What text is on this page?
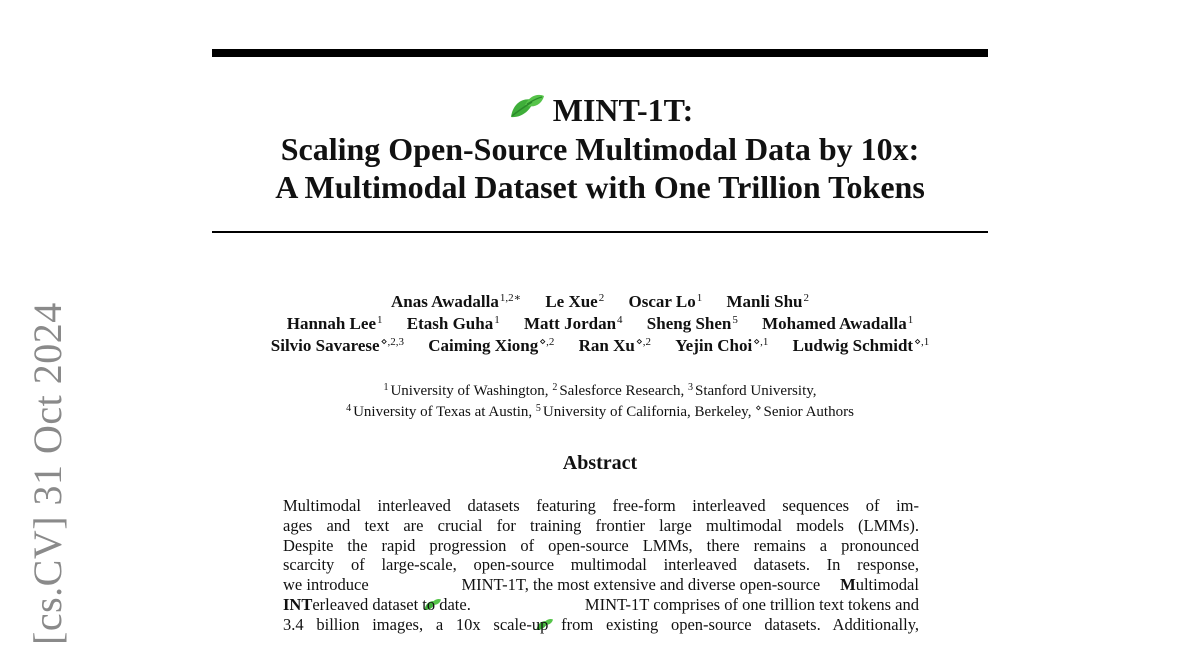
[cs.CV] 31 Oct 2024
MINT-1T:
Scaling Open-Source Multimodal Data by 10x:
A Multimodal Dataset with One Trillion Tokens
Anas Awadalla$^{1,2∗}$ Le Xue$^2$ Oscar Lo$^1$ Manli Shu$^2$
Hannah Lee$^1$ Etash Guha$^1$ Matt Jordan$^4$ Sheng Shen$^5$ Mohamed Awadalla$^1$
Silvio Savarese$^{⋄,2,3}$ Caiming Xiong$^{⋄,2}$ Ran $Xu^{⋄,2}$ Yejin Choi$^{⋄,1}$ Ludwig Schmidt$^{⋄,1}$
$^1$ University of Washington, $^2$ Salesforce Research, $^3$ Stanford University,
$^4$ University of Texas at Austin, $^5$ University of California, Berkeley, ⋄ Senior Authors
Abstract
Multimodal interleaved datasets featuring free-form interleaved sequences of im-
ages and text are crucial for training frontier large multimodal models (LMMs).
Despite the rapid progression of open-source LMMs, there remains a pronounced
scarcity of large-scale, open-source multimodal interleaved datasets. In response,
we introduce

	MINT-1T, the most extensive and diverse open-source Multimodal
INTerleaved dataset to date.

	MINT-1T comprises of one trillion text tokens and
3.4 billion images, a 10x scale-up from existing open-source datasets. Additionally,
